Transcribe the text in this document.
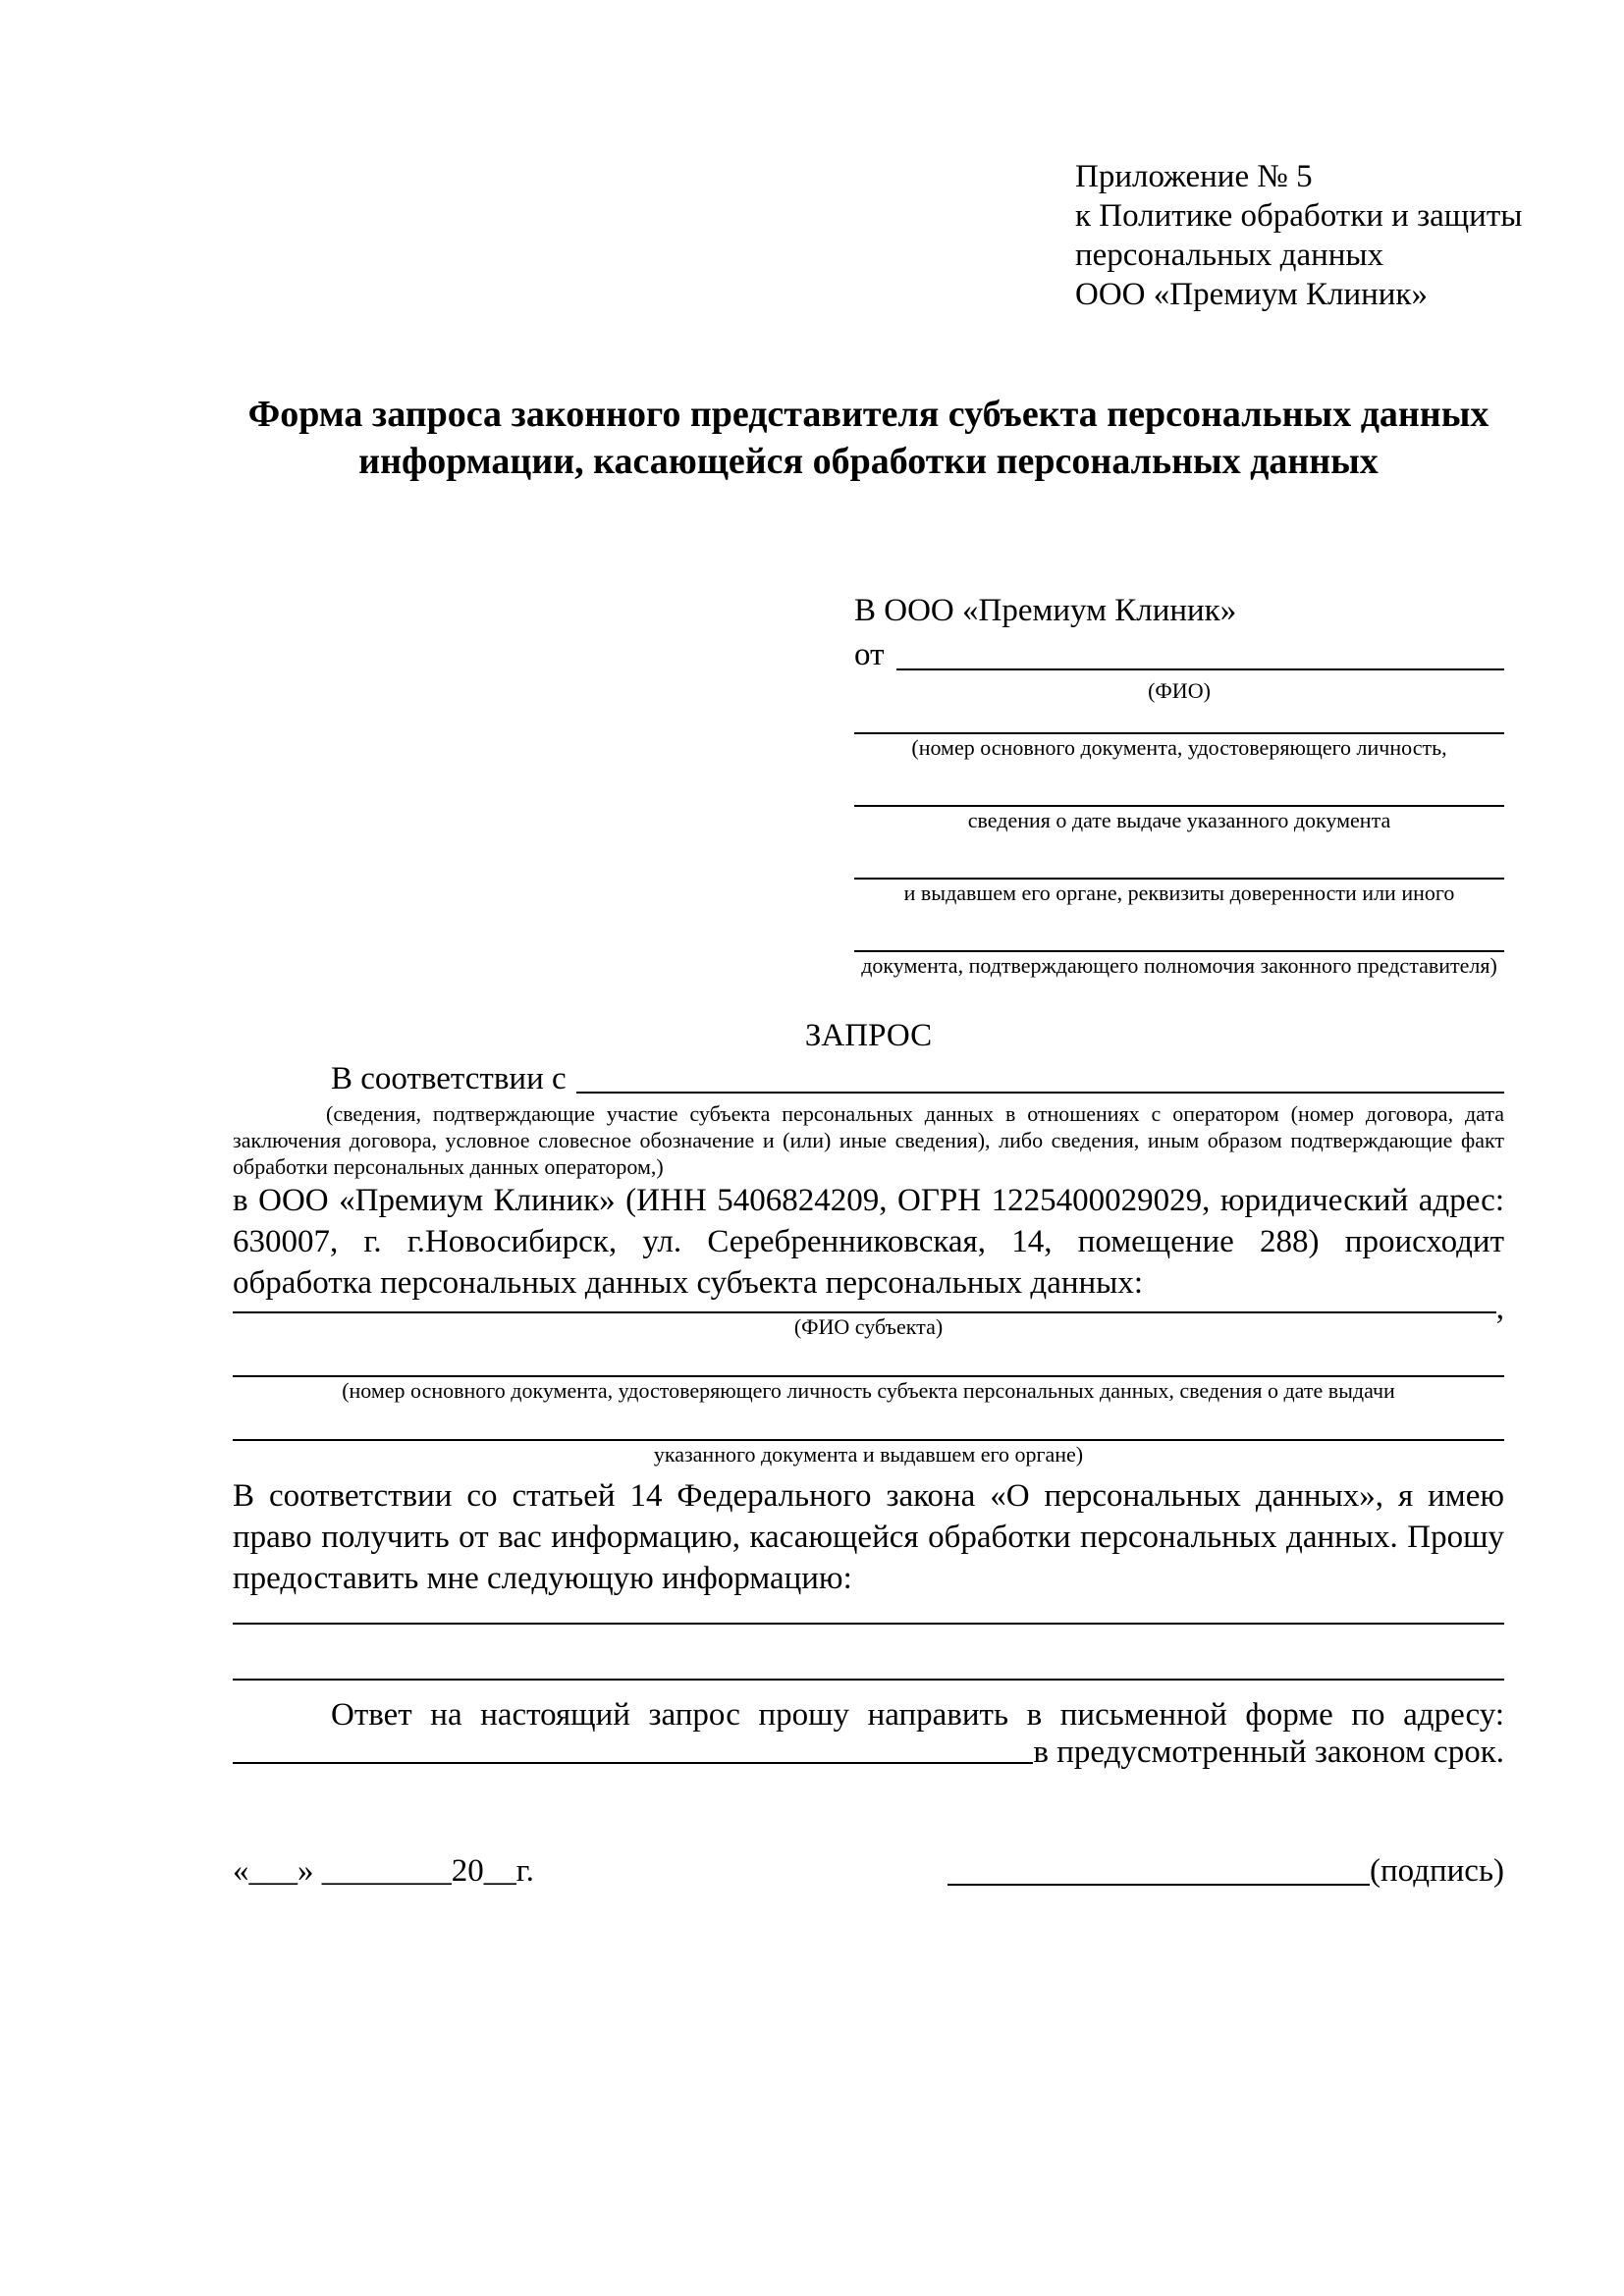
Приложение № 5
к Политике обработки и защиты
персональных данных
ООО «Премиум Клиник»
Форма запроса законного представителя субъекта персональных данных
информации, касающейся обработки персональных данных
В ООО «Премиум Клиник»
от
(ФИО)
(номер основного документа, удостоверяющего личность,
сведения о дате выдаче указанного документа
и выдавшем его органе, реквизиты доверенности или иного
документа, подтверждающего полномочия законного представителя)
ЗАПРОС
В соответствии с
(сведения, подтверждающие участие субъекта персональных данных в отношениях с оператором (номер договора, дата
заключения договора, условное словесное обозначение и (или) иные сведения), либо сведения, иным образом подтверждающие факт
обработки персональных данных оператором,)
в ООО «Премиум Клиник» (ИНН 5406824209, ОГРН 1225400029029, юридический адрес:
630007, г. г.Новосибирск, ул. Серебренниковская, 14, помещение 288) происходит
обработка персональных данных субъекта персональных данных:
,
(ФИО субъекта)
(номер основного документа, удостоверяющего личность субъекта персональных данных, сведения о дате выдачи
указанного документа и выдавшем его органе)
В соответствии со статьей 14 Федерального закона «О персональных данных», я имею
право получить от вас информацию, касающейся обработки персональных данных. Прошу
предоставить мне следующую информацию:
Ответ на настоящий запрос прошу направить в письменной форме по адресу:
в предусмотренный законом срок.
«___» ________20__г.	(подпись)
